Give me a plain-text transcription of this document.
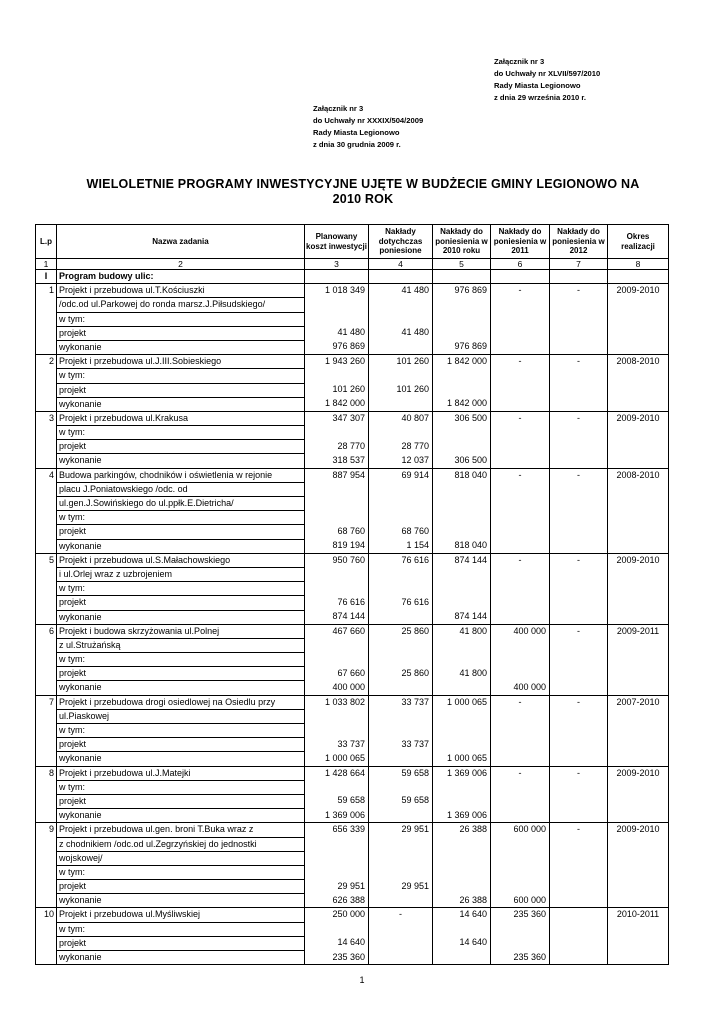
Załącznik nr 3
do Uchwały nr XLVII/597/2010
Rady Miasta Legionowo
z dnia 29 września 2010 r.
Załącznik nr 3
do Uchwały nr XXXIX/504/2009
Rady Miasta Legionowo
z dnia 30 grudnia 2009 r.
WIELOLETNIE PROGRAMY INWESTYCYJNE UJĘTE W BUDŻECIE GMINY LEGIONOWO NA
2010 ROK
L.p	Nazwa zadania	Planowany koszt inwestycji	Nakłady dotychczas poniesione	Nakłady do poniesienia w 2010 roku	Nakłady do poniesienia w 2011	Nakłady do poniesienia w 2012	Okres realizacji
1	2	3	4	5	6	7	8
I	Program budowy ulic:						
1	Projekt i przebudowa ul.T.Kościuszki	1 018 349	41 480	976 869	-	-	2009-2010
	/odc.od ul.Parkowej do ronda marsz.J.Piłsudskiego/						
	w tym:						
	projekt	41 480	41 480				
	wykonanie	976 869		976 869			
2	Projekt i przebudowa ul.J.III.Sobieskiego	1 943 260	101 260	1 842 000	-	-	2008-2010
	w tym:						
	projekt	101 260	101 260				
	wykonanie	1 842 000		1 842 000			
3	Projekt i przebudowa ul.Krakusa	347 307	40 807	306 500	-	-	2009-2010
	w tym:						
	projekt	28 770	28 770				
	wykonanie	318 537	12 037	306 500			
4	Budowa parkingów, chodników i oświetlenia w rejonie	887 954	69 914	818 040	-	-	2008-2010
	placu J.Poniatowskiego /odc. od						
	ul.gen.J.Sowińskiego do ul.ppłk.E.Dietricha/						
	w tym:						
	projekt	68 760	68 760				
	wykonanie	819 194	1 154	818 040			
5	Projekt i przebudowa ul.S.Małachowskiego	950 760	76 616	874 144	-	-	2009-2010
	i ul.Orlej wraz z uzbrojeniem						
	w tym:						
	projekt	76 616	76 616				
	wykonanie	874 144		874 144			
6	Projekt i budowa skrzyżowania ul.Polnej	467 660	25 860	41 800	400 000	-	2009-2011
	z ul.Strużańską						
	w tym:						
	projekt	67 660	25 860	41 800			
	wykonanie	400 000			400 000		
7	Projekt i przebudowa drogi osiedlowej na Osiedlu przy	1 033 802	33 737	1 000 065	-	-	2007-2010
	ul.Piaskowej						
	w tym:						
	projekt	33 737	33 737				
	wykonanie	1 000 065		1 000 065			
8	Projekt i przebudowa ul.J.Matejki	1 428 664	59 658	1 369 006	-	-	2009-2010
	w tym:						
	projekt	59 658	59 658				
	wykonanie	1 369 006		1 369 006			
9	Projekt i przebudowa ul.gen. broni T.Buka wraz z	656 339	29 951	26 388	600 000	-	2009-2010
	z chodnikiem /odc.od ul.Zegrzyńskiej do jednostki						
	wojskowej/						
	w tym:						
	projekt	29 951	29 951				
	wykonanie	626 388		26 388	600 000		
10	Projekt i przebudowa ul.Myśliwskiej	250 000	-	14 640	235 360		2010-2011
	w tym:						
	projekt	14 640		14 640			
	wykonanie	235 360			235 360		
1
